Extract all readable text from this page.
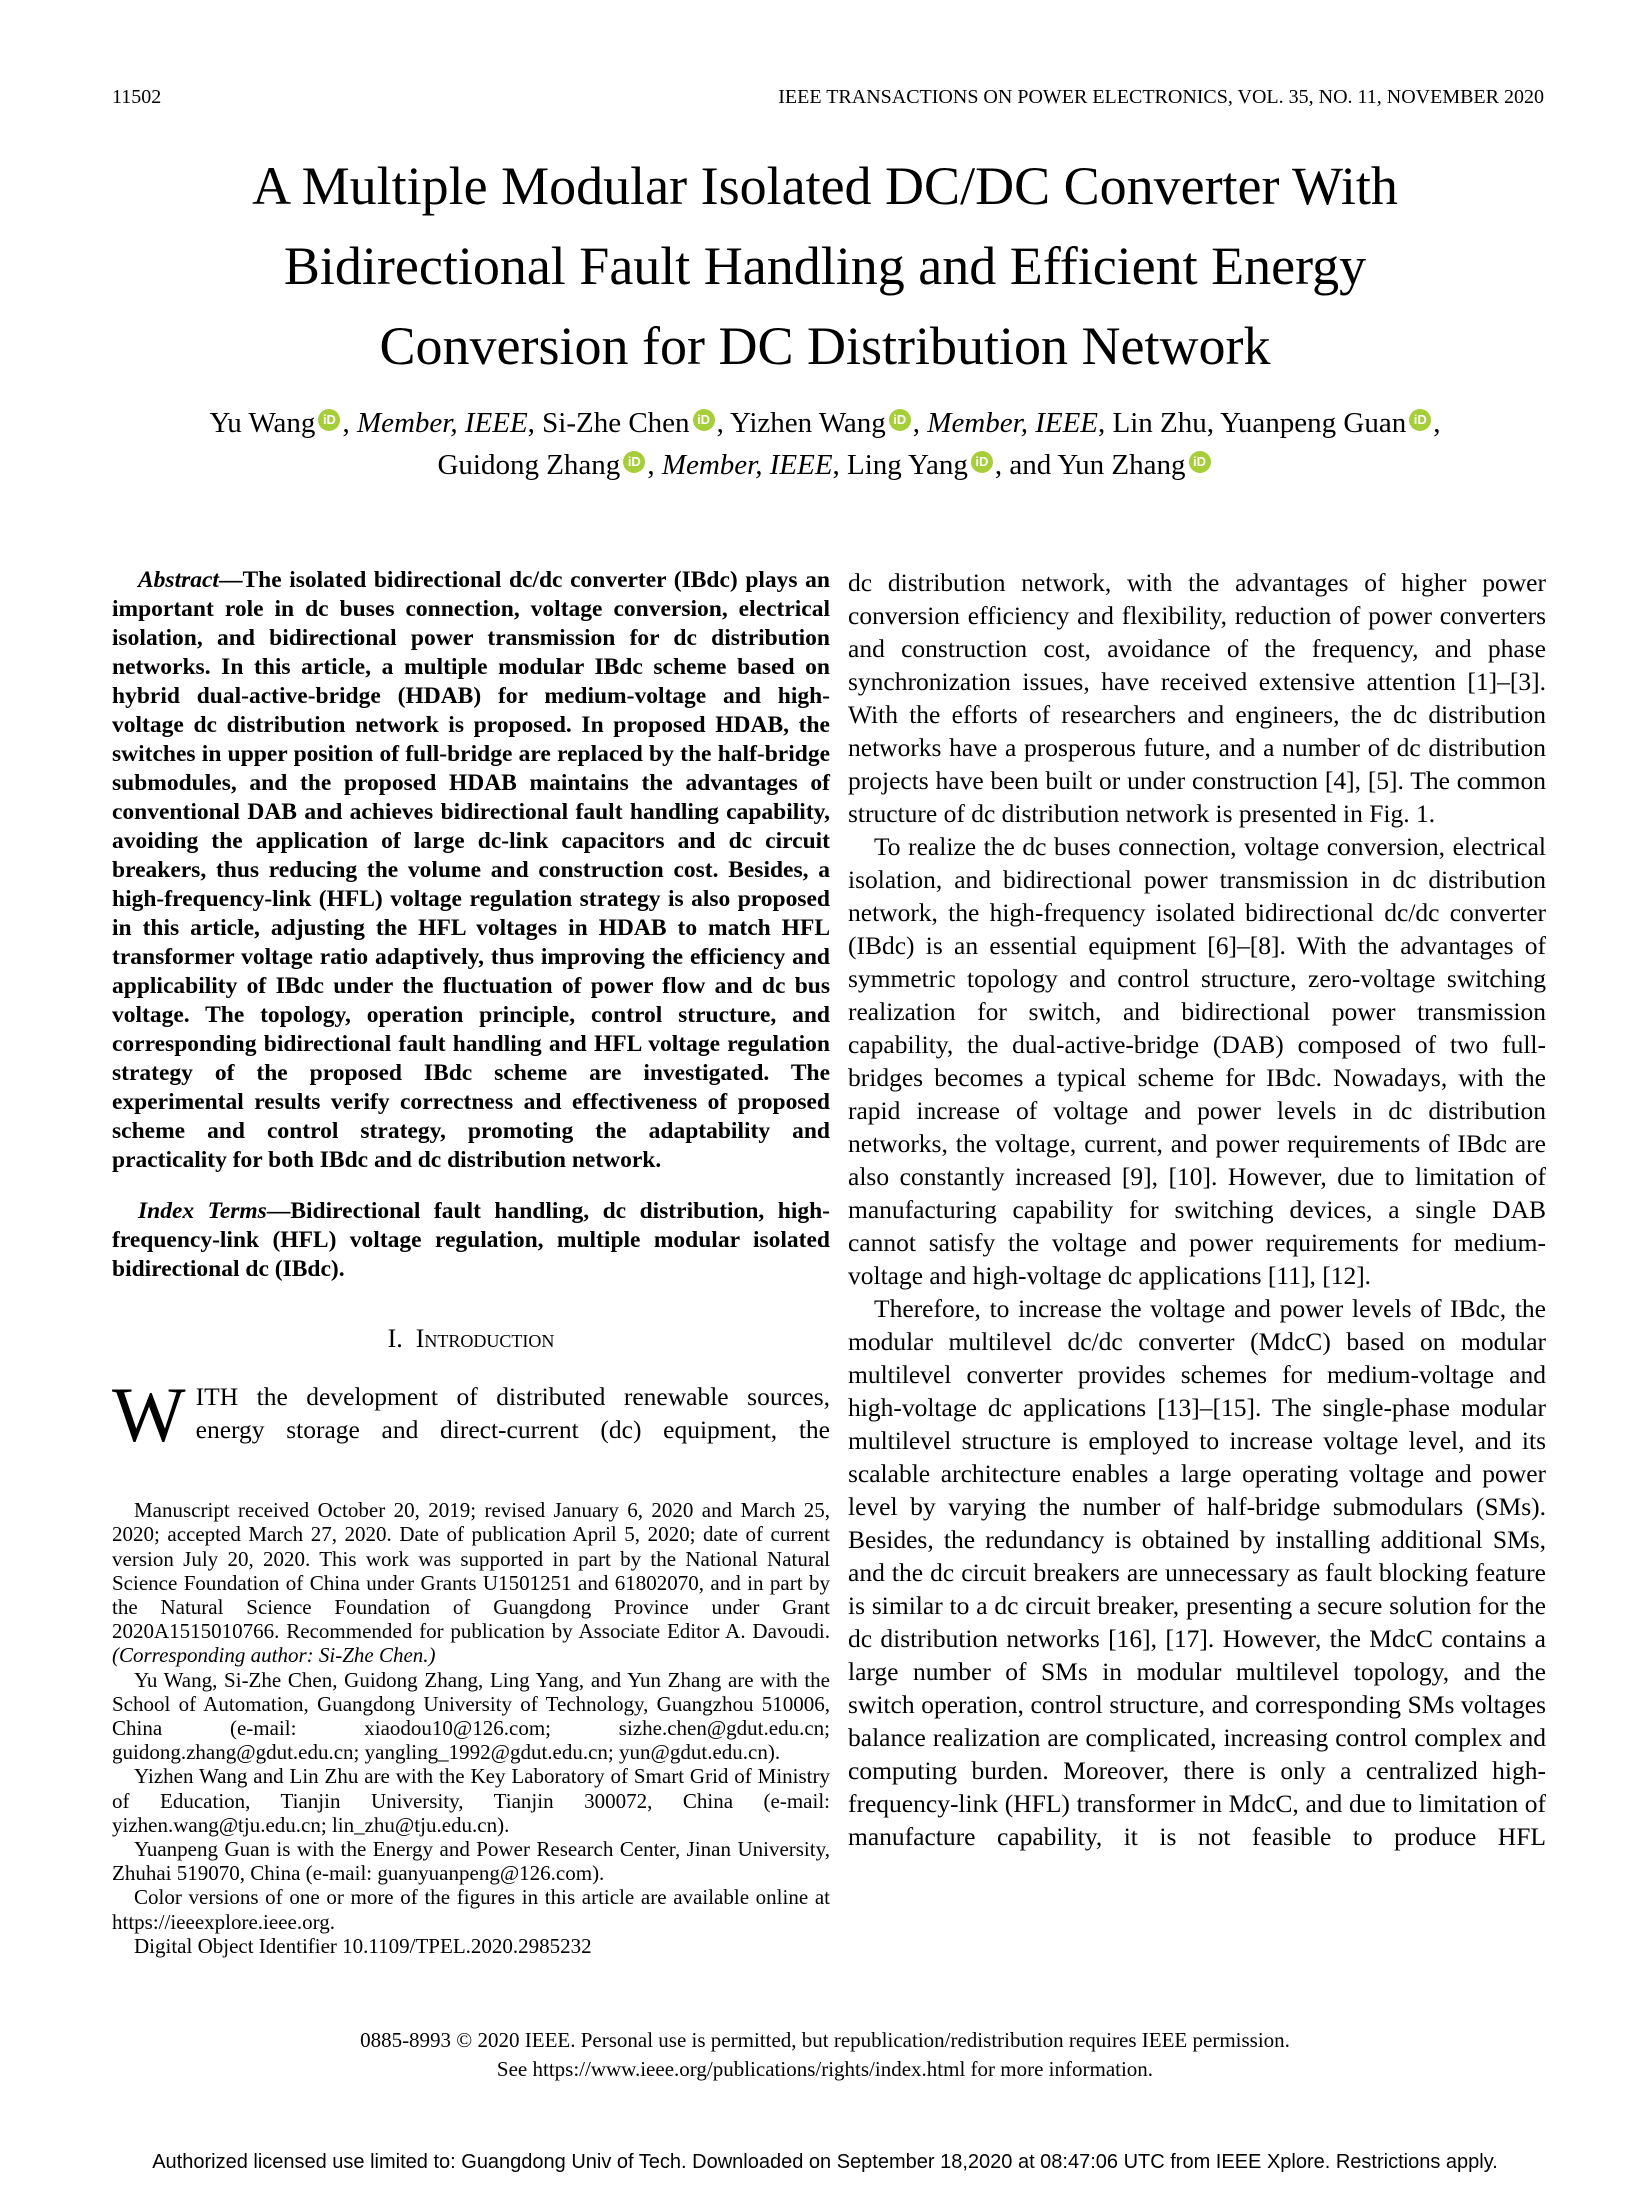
11502	IEEE TRANSACTIONS ON POWER ELECTRONICS, VOL. 35, NO. 11, NOVEMBER 2020
A Multiple Modular Isolated DC/DC Converter With Bidirectional Fault Handling and Efficient Energy Conversion for DC Distribution Network
Yu Wang iD , Member, IEEE, Si-Zhe Chen iD , Yizhen Wang iD , Member, IEEE, Lin Zhu, Yuanpeng Guan iD ,
Guidong Zhang iD , Member, IEEE, Ling Yang iD , and Yun Zhang iD

Abstract—The isolated bidirectional dc/dc converter (IBdc) plays an important role in dc buses connection, voltage conversion, electrical isolation, and bidirectional power transmission for dc distribution networks. In this article, a multiple modular IBdc scheme based on hybrid dual-active-bridge (HDAB) for medium-voltage and high-voltage dc distribution network is proposed. In proposed HDAB, the switches in upper position of full-bridge are replaced by the half-bridge submodules, and the proposed HDAB maintains the advantages of conventional DAB and achieves bidirectional fault handling capability, avoiding the application of large dc-link capacitors and dc circuit breakers, thus reducing the volume and construction cost. Besides, a high-frequency-link (HFL) voltage regulation strategy is also proposed in this article, adjusting the HFL voltages in HDAB to match HFL transformer voltage ratio adaptively, thus improving the efficiency and applicability of IBdc under the fluctuation of power flow and dc bus voltage. The topology, operation principle, control structure, and corresponding bidirectional fault handling and HFL voltage regulation strategy of the proposed IBdc scheme are investigated. The experimental results verify correctness and effectiveness of proposed scheme and control strategy, promoting the adaptability and practicality for both IBdc and dc distribution network.

Index Terms—Bidirectional fault handling, dc distribution, high-frequency-link (HFL) voltage regulation, multiple modular isolated bidirectional dc (IBdc).

I. Introduction

WITH the development of distributed renewable sources, energy storage and direct-current (dc) equipment, the

Manuscript received October 20, 2019; revised January 6, 2020 and March 25, 2020; accepted March 27, 2020. Date of publication April 5, 2020; date of current version July 20, 2020. This work was supported in part by the National Natural Science Foundation of China under Grants U1501251 and 61802070, and in part by the Natural Science Foundation of Guangdong Province under Grant 2020A1515010766. Recommended for publication by Associate Editor A. Davoudi. (Corresponding author: Si-Zhe Chen.)

Yu Wang, Si-Zhe Chen, Guidong Zhang, Ling Yang, and Yun Zhang are with the School of Automation, Guangdong University of Technology, Guangzhou 510006, China (e-mail: xiaodou10@126.com; sizhe.chen@gdut.edu.cn; guidong.zhang@gdut.edu.cn; yangling_1992@gdut.edu.cn; yun@gdut.edu.cn).

Yizhen Wang and Lin Zhu are with the Key Laboratory of Smart Grid of Ministry of Education, Tianjin University, Tianjin 300072, China (e-mail: yizhen.wang@tju.edu.cn; lin_zhu@tju.edu.cn).

Yuanpeng Guan is with the Energy and Power Research Center, Jinan University, Zhuhai 519070, China (e-mail: guanyuanpeng@126.com).

Color versions of one or more of the figures in this article are available online at https://ieeexplore.ieee.org.

Digital Object Identifier 10.1109/TPEL.2020.2985232

dc distribution network, with the advantages of higher power conversion efficiency and flexibility, reduction of power converters and construction cost, avoidance of the frequency, and phase synchronization issues, have received extensive attention [1]–[3]. With the efforts of researchers and engineers, the dc distribution networks have a prosperous future, and a number of dc distribution projects have been built or under construction [4], [5]. The common structure of dc distribution network is presented in Fig. 1.

To realize the dc buses connection, voltage conversion, electrical isolation, and bidirectional power transmission in dc distribution network, the high-frequency isolated bidirectional dc/dc converter (IBdc) is an essential equipment [6]–[8]. With the advantages of symmetric topology and control structure, zero-voltage switching realization for switch, and bidirectional power transmission capability, the dual-active-bridge (DAB) composed of two full-bridges becomes a typical scheme for IBdc. Nowadays, with the rapid increase of voltage and power levels in dc distribution networks, the voltage, current, and power requirements of IBdc are also constantly increased [9], [10]. However, due to limitation of manufacturing capability for switching devices, a single DAB cannot satisfy the voltage and power requirements for medium-voltage and high-voltage dc applications [11], [12].

Therefore, to increase the voltage and power levels of IBdc, the modular multilevel dc/dc converter (MdcC) based on modular multilevel converter provides schemes for medium-voltage and high-voltage dc applications [13]–[15]. The single-phase modular multilevel structure is employed to increase voltage level, and its scalable architecture enables a large operating voltage and power level by varying the number of half-bridge submodulars (SMs). Besides, the redundancy is obtained by installing additional SMs, and the dc circuit breakers are unnecessary as fault blocking feature is similar to a dc circuit breaker, presenting a secure solution for the dc distribution networks [16], [17]. However, the MdcC contains a large number of SMs in modular multilevel topology, and the switch operation, control structure, and corresponding SMs voltages balance realization are complicated, increasing control complex and computing burden. Moreover, there is only a centralized high-frequency-link (HFL) transformer in MdcC, and due to limitation of manufacture capability, it is not feasible to produce HFL

0885-8993 © 2020 IEEE. Personal use is permitted, but republication/redistribution requires IEEE permission.
See https://www.ieee.org/publications/rights/index.html for more information.
Authorized licensed use limited to: Guangdong Univ of Tech. Downloaded on September 18,2020 at 08:47:06 UTC from IEEE Xplore. Restrictions apply.
